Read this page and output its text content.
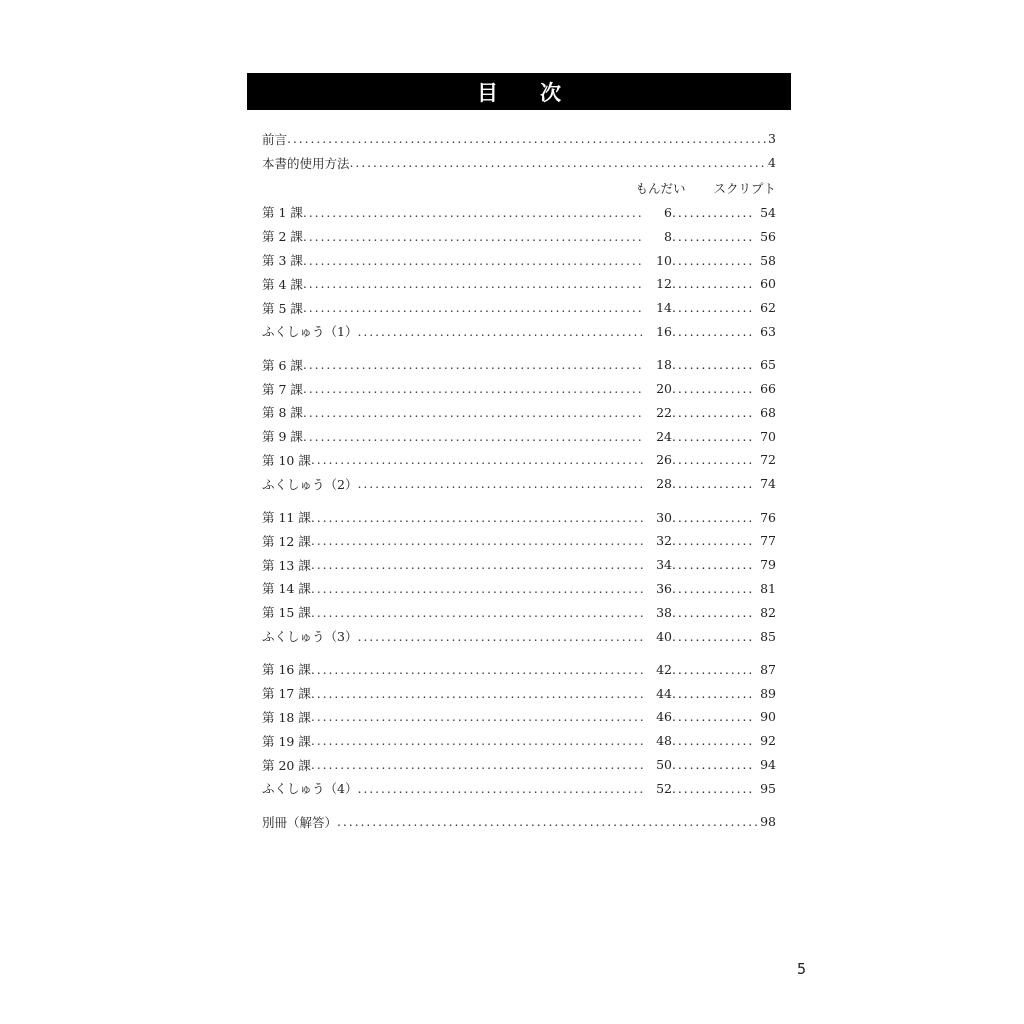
目 次
前言 .....	3
本書的使用方法 .....	4
もんだい スクリプト
第 1 課 .....	6 .....	54
第 2 課 .....	8 .....	56
第 3 課 .....	10 .....	58
第 4 課 .....	12 .....	60
第 5 課 .....	14 .....	62
ふくしゅう（1） .....	16 .....	63
第 6 課 .....	18 .....	65
第 7 課 .....	20 .....	66
第 8 課 .....	22 .....	68
第 9 課 .....	24 .....	70
第 10 課 .....	26 .....	72
ふくしゅう（2） .....	28 .....	74
第 11 課 .....	30 .....	76
第 12 課 .....	32 .....	77
第 13 課 .....	34 .....	79
第 14 課 .....	36 .....	81
第 15 課 .....	38 .....	82
ふくしゅう（3） .....	40 .....	85
第 16 課 .....	42 .....	87
第 17 課 .....	44 .....	89
第 18 課 .....	46 .....	90
第 19 課 .....	48 .....	92
第 20 課 .....	50 .....	94
ふくしゅう（4） .....	52 .....	95
別冊（解答） .....	98
5
